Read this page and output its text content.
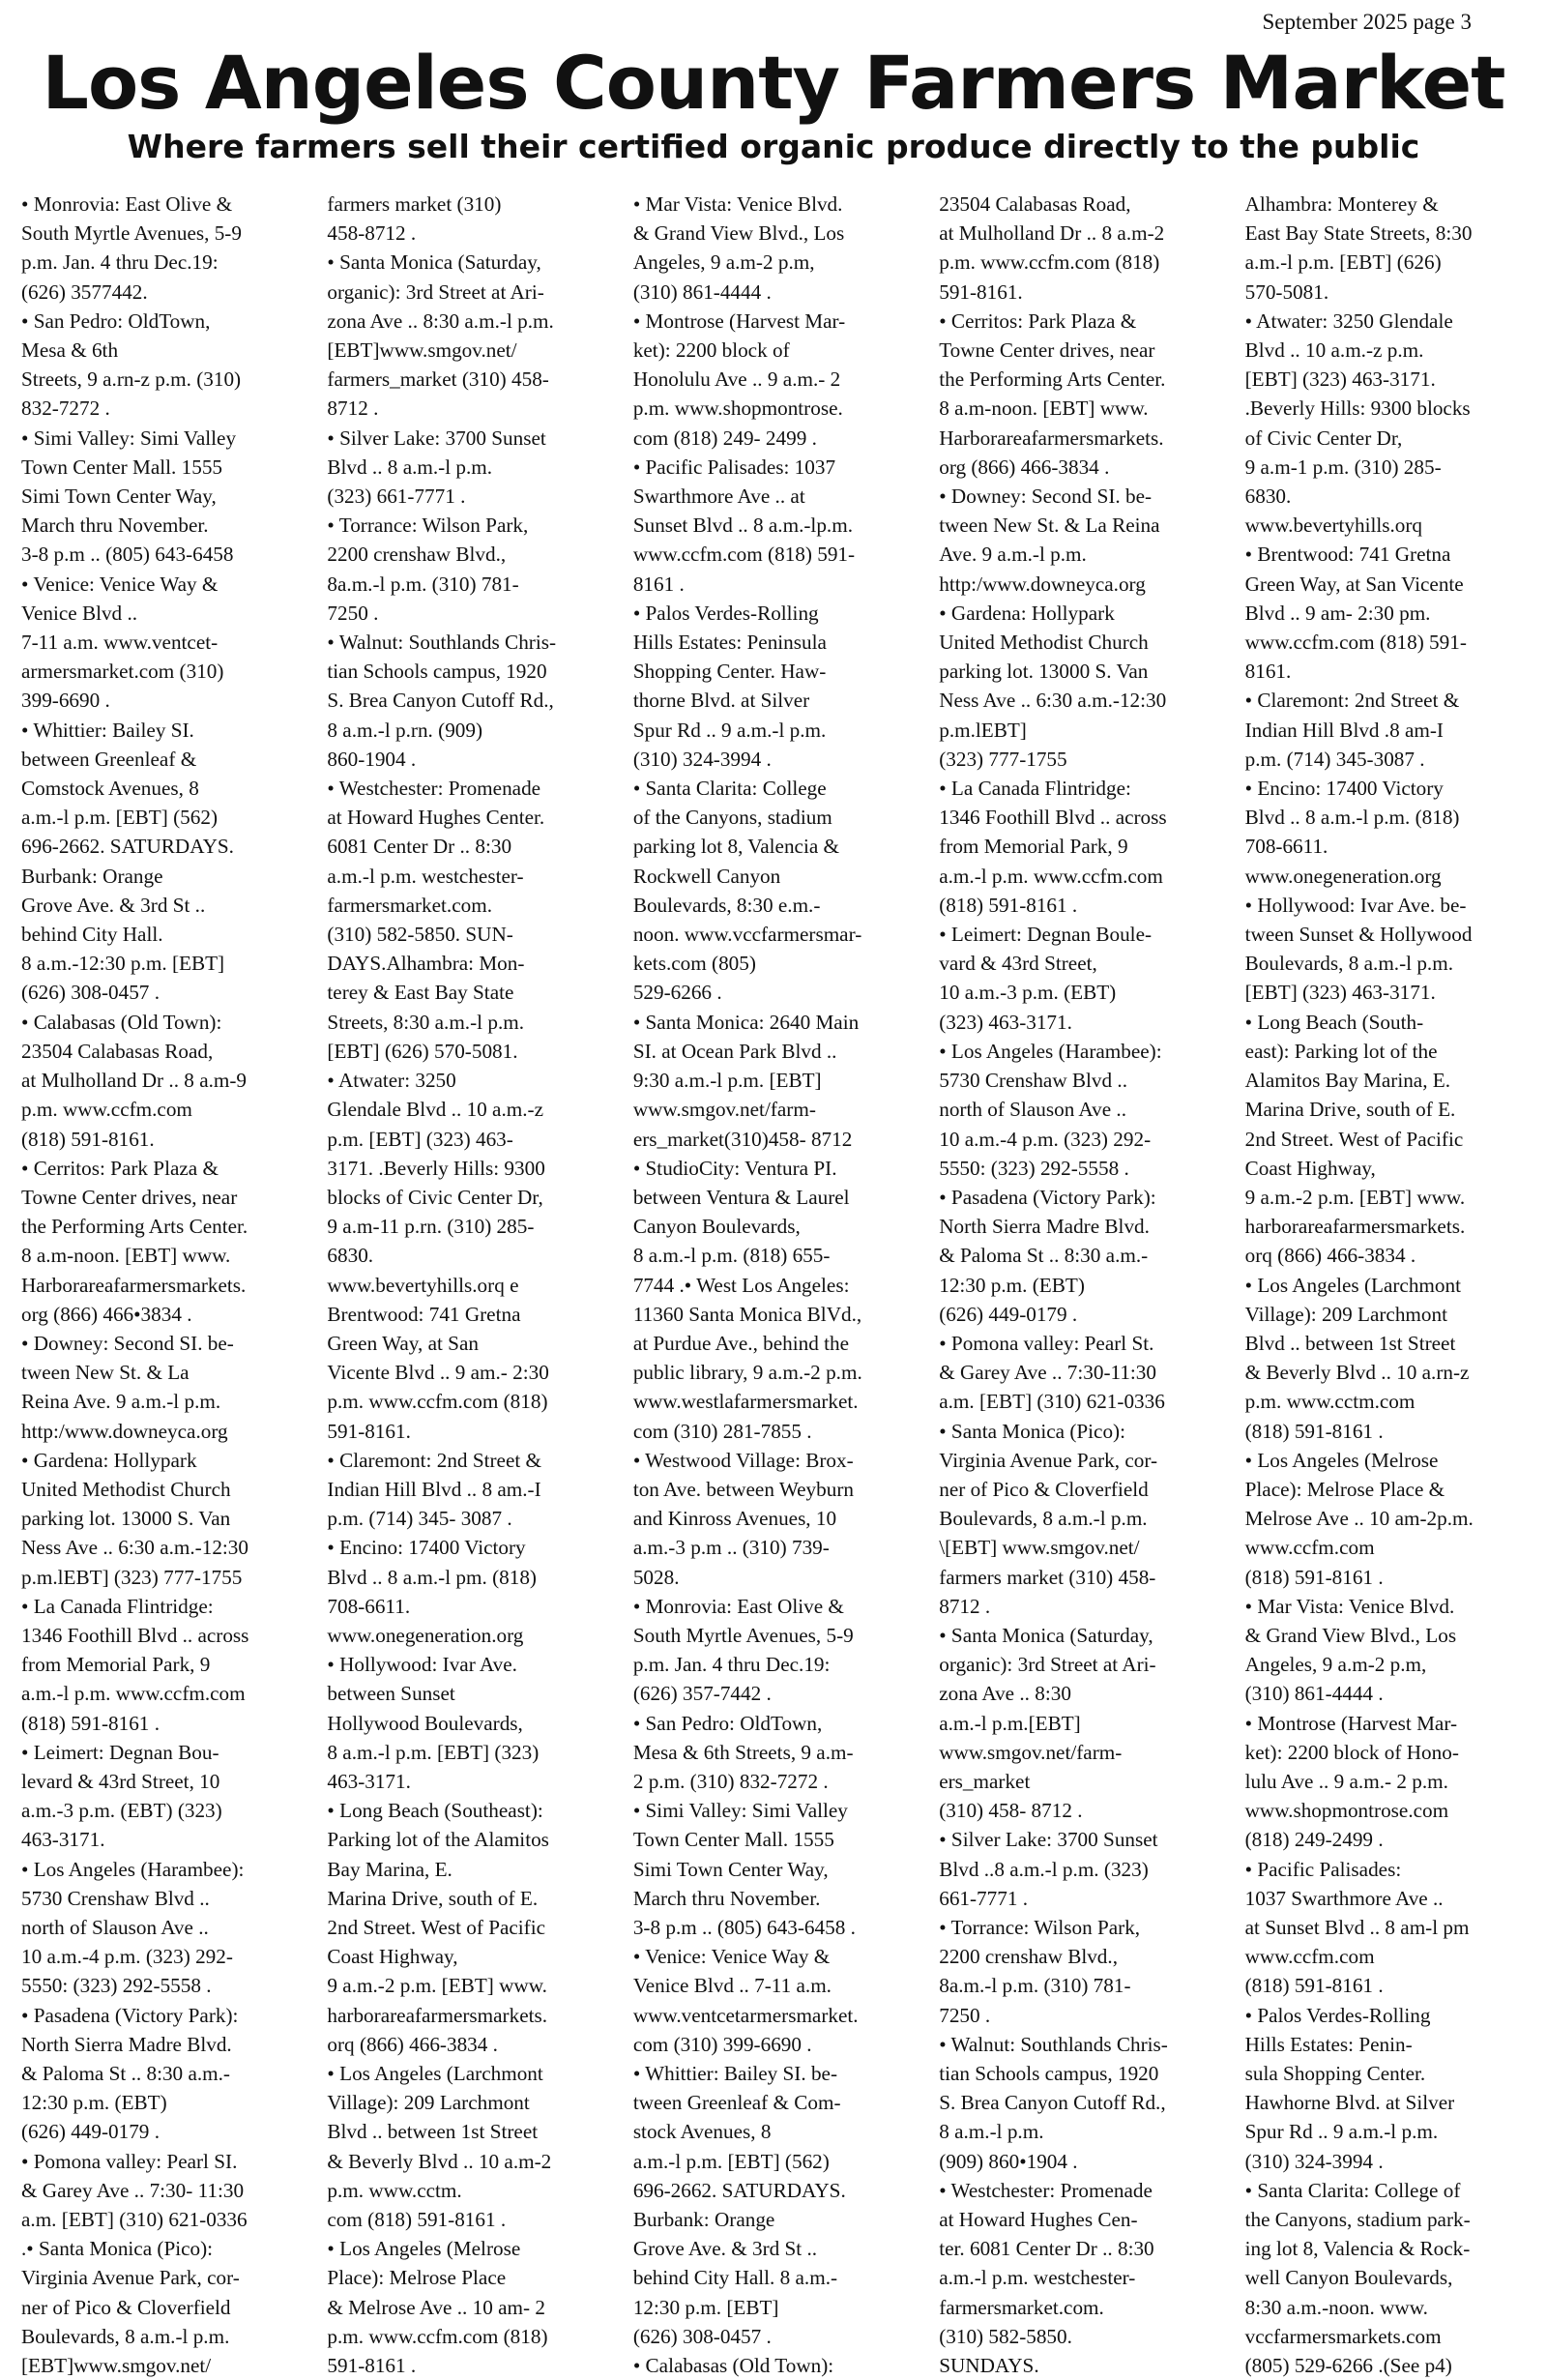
September 2025 page 3
Los Angeles County Farmers Market
Where farmers sell their certified organic produce directly to the public

• Monrovia: East Olive &
South Myrtle Avenues, 5-9
p.m. Jan. 4 thru Dec.19:
(626) 3577442.

• San Pedro: OldTown,
Mesa & 6th
Streets, 9 a.rn-z p.m. (310)
832-7272 .

• Simi Valley: Simi Valley
Town Center Mall. 1555
Simi Town Center Way,
March thru November.
3-8 p.m .. (805) 643-6458

• Venice: Venice Way &
Venice Blvd ..
7-11 a.m. www.ventcet-
armersmarket.com (310)
399-6690 .

• Whittier: Bailey SI.
between Greenleaf &
Comstock Avenues, 8
a.m.-l p.m. [EBT] (562)
696-2662. SATURDAYS.
Burbank: Orange
Grove Ave. & 3rd St ..
behind City Hall.
8 a.m.-12:30 p.m. [EBT]
(626) 308-0457 .

• Calabasas (Old Town):
23504 Calabasas Road,
at Mulholland Dr .. 8 a.m-9
p.m. www.ccfm.com
(818) 591-8161.

• Cerritos: Park Plaza &
Towne Center drives, near
the Performing Arts Center.
8 a.m-noon. [EBT] www.
Harborareafarmersmarkets.
org (866) 466•3834 .

• Downey: Second SI. be-
tween New St. & La
Reina Ave. 9 a.m.-l p.m.
http:/www.downeyca.org

• Gardena: Hollypark
United Methodist Church
parking lot. 13000 S. Van
Ness Ave .. 6:30 a.m.-12:30
p.m.lEBT] (323) 777-1755

• La Canada Flintridge:
1346 Foothill Blvd .. across
from Memorial Park, 9
a.m.-l p.m. www.ccfm.com
(818) 591-8161 .

• Leimert: Degnan Bou-
levard & 43rd Street, 10
a.m.-3 p.m. (EBT) (323)
463-3171.

• Los Angeles (Harambee):
5730 Crenshaw Blvd ..
north of Slauson Ave ..
10 a.m.-4 p.m. (323) 292-
5550: (323) 292-5558 .

• Pasadena (Victory Park):
North Sierra Madre Blvd.
& Paloma St .. 8:30 a.m.-
12:30 p.m. (EBT)
(626) 449-0179 .

• Pomona valley: Pearl SI.
& Garey Ave .. 7:30- 11:30
a.m. [EBT] (310) 621-0336
.• Santa Monica (Pico):
Virginia Avenue Park, cor-
ner of Pico & Cloverfield
Boulevards, 8 a.m.-l p.m.
[EBT]www.smgov.net/

farmers market (310)
458-8712 .

• Santa Monica (Saturday,
organic): 3rd Street at Ari-
zona Ave .. 8:30 a.m.-l p.m.
[EBT]www.smgov.net/
farmers_market (310) 458-
8712 .

• Silver Lake: 3700 Sunset
Blvd .. 8 a.m.-l p.m.
(323) 661-7771 .

• Torrance: Wilson Park,
2200 crenshaw Blvd.,
8a.m.-l p.m. (310) 781-
7250 .

• Walnut: Southlands Chris-
tian Schools campus, 1920
S. Brea Canyon Cutoff Rd.,
8 a.m.-l p.rn. (909)
860-1904 .

• Westchester: Promenade
at Howard Hughes Center.
6081 Center Dr .. 8:30
a.m.-l p.m. westchester-
farmersmarket.com.
(310) 582-5850. SUN-
DAYS.Alhambra: Mon-
terey & East Bay State
Streets, 8:30 a.m.-l p.m.
[EBT] (626) 570-5081.

• Atwater: 3250
Glendale Blvd .. 10 a.m.-z
p.m. [EBT] (323) 463-
3171. .Beverly Hills: 9300
blocks of Civic Center Dr,
9 a.m-11 p.rn. (310) 285-
6830.
www.bevertyhills.orq e
Brentwood: 741 Gretna
Green Way, at San
Vicente Blvd .. 9 am.- 2:30
p.m. www.ccfm.com (818)
591-8161.

• Claremont: 2nd Street &
Indian Hill Blvd .. 8 am.-I
p.m. (714) 345- 3087 .

• Encino: 17400 Victory
Blvd .. 8 a.m.-l pm. (818)
708-6611.
www.onegeneration.org

• Hollywood: Ivar Ave.
between Sunset
Hollywood Boulevards,
8 a.m.-l p.m. [EBT] (323)
463-3171.

• Long Beach (Southeast):
Parking lot of the Alamitos
Bay Marina, E.
Marina Drive, south of E.
2nd Street. West of Pacific
Coast Highway,
9 a.m.-2 p.m. [EBT] www.
harborareafarmersmarkets.
orq (866) 466-3834 .

• Los Angeles (Larchmont
Village): 209 Larchmont
Blvd .. between 1st Street
& Beverly Blvd .. 10 a.m-2
p.m. www.cctm.
com (818) 591-8161 .

• Los Angeles (Melrose
Place): Melrose Place
& Melrose Ave .. 10 am- 2
p.m. www.ccfm.com (818)
591-8161 .

• Mar Vista: Venice Blvd.
& Grand View Blvd., Los
Angeles, 9 a.m-2 p.m,
(310) 861-4444 .

• Montrose (Harvest Mar-
ket): 2200 block of
Honolulu Ave .. 9 a.m.- 2
p.m. www.shopmontrose.
com (818) 249- 2499 .

• Pacific Palisades: 1037
Swarthmore Ave .. at
Sunset Blvd .. 8 a.m.-lp.m.
www.ccfm.com (818) 591-
8161 .

• Palos Verdes-Rolling
Hills Estates: Peninsula
Shopping Center. Haw-
thorne Blvd. at Silver
Spur Rd .. 9 a.m.-l p.m.
(310) 324-3994 .

• Santa Clarita: College
of the Canyons, stadium
parking lot 8, Valencia &
Rockwell Canyon
Boulevards, 8:30 e.m.-
noon. www.vccfarmersmar-
kets.com (805)
529-6266 .

• Santa Monica: 2640 Main
SI. at Ocean Park Blvd ..
9:30 a.m.-l p.m. [EBT]
www.smgov.net/farm-
ers_market(310)458- 8712

• StudioCity: Ventura PI.
between Ventura & Laurel
Canyon Boulevards,
8 a.m.-l p.m. (818) 655-
7744 .• West Los Angeles:
11360 Santa Monica BlVd.,
at Purdue Ave., behind the
public library, 9 a.m.-2 p.m.
www.westlafarmersmarket.
com (310) 281-7855 .

• Westwood Village: Brox-
ton Ave. between Weyburn
and Kinross Avenues, 10
a.m.-3 p.m .. (310) 739-
5028.

• Monrovia: East Olive &
South Myrtle Avenues, 5-9
p.m. Jan. 4 thru Dec.19:
(626) 357-7442 .

• San Pedro: OldTown,
Mesa & 6th Streets, 9 a.m-
2 p.m. (310) 832-7272 .

• Simi Valley: Simi Valley
Town Center Mall. 1555
Simi Town Center Way,
March thru November.
3-8 p.m .. (805) 643-6458 .

• Venice: Venice Way &
Venice Blvd .. 7-11 a.m.
www.ventcetarmersmarket.
com (310) 399-6690 .

• Whittier: Bailey SI. be-
tween Greenleaf & Com-
stock Avenues, 8
a.m.-l p.m. [EBT] (562)
696-2662. SATURDAYS.
Burbank: Orange
Grove Ave. & 3rd St ..
behind City Hall. 8 a.m.-
12:30 p.m. [EBT]
(626) 308-0457 .

• Calabasas (Old Town):

23504 Calabasas Road,
at Mulholland Dr .. 8 a.m-2
p.m. www.ccfm.com (818)
591-8161.

• Cerritos: Park Plaza &
Towne Center drives, near
the Performing Arts Center.
8 a.m-noon. [EBT] www.
Harborareafarmersmarkets.
org (866) 466-3834 .

• Downey: Second SI. be-
tween New St. & La Reina
Ave. 9 a.m.-l p.m.
http:/www.downeyca.org

• Gardena: Hollypark
United Methodist Church
parking lot. 13000 S. Van
Ness Ave .. 6:30 a.m.-12:30
p.m.lEBT]
(323) 777-1755

• La Canada Flintridge:
1346 Foothill Blvd .. across
from Memorial Park, 9
a.m.-l p.m. www.ccfm.com
(818) 591-8161 .

• Leimert: Degnan Boule-
vard & 43rd Street,
10 a.m.-3 p.m. (EBT)
(323) 463-3171.

• Los Angeles (Harambee):
5730 Crenshaw Blvd ..
north of Slauson Ave ..
10 a.m.-4 p.m. (323) 292-
5550: (323) 292-5558 .

• Pasadena (Victory Park):
North Sierra Madre Blvd.
& Paloma St .. 8:30 a.m.-
12:30 p.m. (EBT)
(626) 449-0179 .

• Pomona valley: Pearl St.
& Garey Ave .. 7:30-11:30
a.m. [EBT] (310) 621-0336

• Santa Monica (Pico):
Virginia Avenue Park, cor-
ner of Pico & Cloverfield
Boulevards, 8 a.m.-l p.m.
\[EBT] www.smgov.net/
farmers market (310) 458-
8712 .

• Santa Monica (Saturday,
organic): 3rd Street at Ari-
zona Ave .. 8:30
a.m.-l p.m.[EBT]
www.smgov.net/farm-
ers_market
(310) 458- 8712 .

• Silver Lake: 3700 Sunset
Blvd ..8 a.m.-l p.m. (323)
661-7771 .

• Torrance: Wilson Park,
2200 crenshaw Blvd.,
8a.m.-l p.m. (310) 781-
7250 .

• Walnut: Southlands Chris-
tian Schools campus, 1920
S. Brea Canyon Cutoff Rd.,
8 a.m.-l p.m.
(909) 860•1904 .

• Westchester: Promenade
at Howard Hughes Cen-
ter. 6081 Center Dr .. 8:30
a.m.-l p.m. westchester-
farmersmarket.com.
(310) 582-5850.
SUNDAYS.

Alhambra: Monterey &
East Bay State Streets, 8:30
a.m.-l p.m. [EBT] (626)
570-5081.

• Atwater: 3250 Glendale
Blvd .. 10 a.m.-z p.m.
[EBT] (323) 463-3171.
.Beverly Hills: 9300 blocks
of Civic Center Dr,
9 a.m-1 p.m. (310) 285-
6830.
www.bevertyhills.orq

• Brentwood: 741 Gretna
Green Way, at San Vicente
Blvd .. 9 am- 2:30 pm.
www.ccfm.com (818) 591-
8161.

• Claremont: 2nd Street &
Indian Hill Blvd .8 am-I
p.m. (714) 345-3087 .

• Encino: 17400 Victory
Blvd .. 8 a.m.-l p.m. (818)
708-6611.
www.onegeneration.org

• Hollywood: Ivar Ave. be-
tween Sunset & Hollywood
Boulevards, 8 a.m.-l p.m.
[EBT] (323) 463-3171.

• Long Beach (South-
east): Parking lot of the
Alamitos Bay Marina, E.
Marina Drive, south of E.
2nd Street. West of Pacific
Coast Highway,
9 a.m.-2 p.m. [EBT] www.
harborareafarmersmarkets.
orq (866) 466-3834 .

• Los Angeles (Larchmont
Village): 209 Larchmont
Blvd .. between 1st Street
& Beverly Blvd .. 10 a.rn-z
p.m. www.cctm.com
(818) 591-8161 .

• Los Angeles (Melrose
Place): Melrose Place &
Melrose Ave .. 10 am-2p.m.
www.ccfm.com
(818) 591-8161 .

• Mar Vista: Venice Blvd.
& Grand View Blvd., Los
Angeles, 9 a.m-2 p.m,
(310) 861-4444 .

• Montrose (Harvest Mar-
ket): 2200 block of Hono-
lulu Ave .. 9 a.m.- 2 p.m.
www.shopmontrose.com
(818) 249-2499 .

• Pacific Palisades:
1037 Swarthmore Ave ..
at Sunset Blvd .. 8 am-l pm
www.ccfm.com
(818) 591-8161 .

• Palos Verdes-Rolling
Hills Estates: Penin-
sula Shopping Center.
Hawhorne Blvd. at Silver
Spur Rd .. 9 a.m.-l p.m.
(310) 324-3994 .

• Santa Clarita: College of
the Canyons, stadium park-
ing lot 8, Valencia & Rock-
well Canyon Boulevards,
8:30 a.m.-noon. www.
vccfarmersmarkets.com
(805) 529-6266 .(See p4)
